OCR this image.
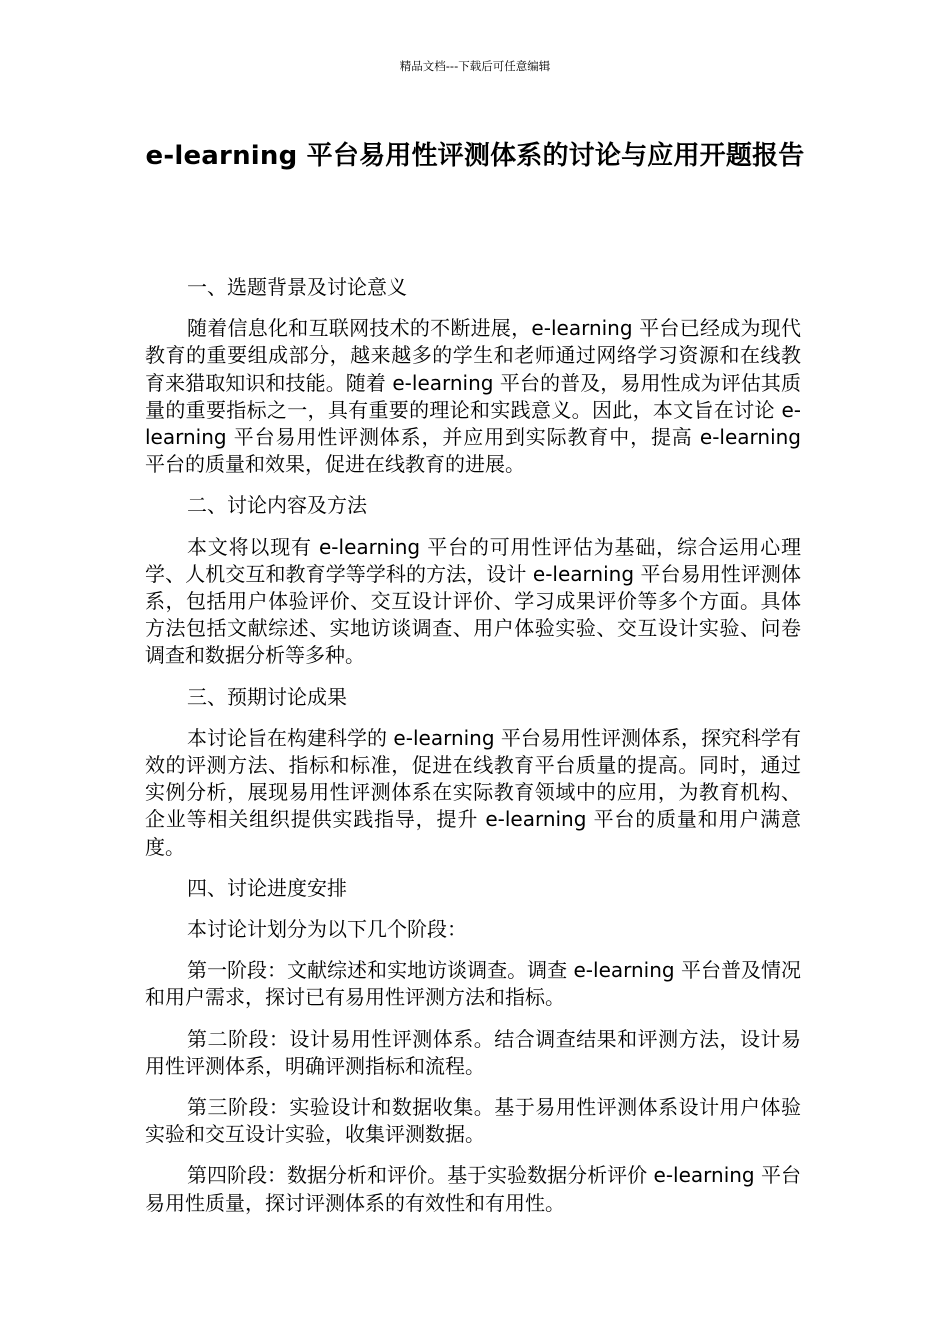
精品文档---下载后可任意编辑
e-learning 平台易用性评测体系的讨论与应用开题报告

一、选题背景及讨论意义

随着信息化和互联网技术的不断进展，e-learning 平台已经成为现代教育的重要组成部分，越来越多的学生和老师通过网络学习资源和在线教育来猎取知识和技能。随着 e-learning 平台的普及，易用性成为评估其质量的重要指标之一，具有重要的理论和实践意义。因此，本文旨在讨论 e-learning 平台易用性评测体系，并应用到实际教育中，提高 e-learning 平台的质量和效果，促进在线教育的进展。

二、讨论内容及方法

本文将以现有 e-learning 平台的可用性评估为基础，综合运用心理学、人机交互和教育学等学科的方法，设计 e-learning 平台易用性评测体系，包括用户体验评价、交互设计评价、学习成果评价等多个方面。具体方法包括文献综述、实地访谈调查、用户体验实验、交互设计实验、问卷调查和数据分析等多种。

三、预期讨论成果

本讨论旨在构建科学的 e-learning 平台易用性评测体系，探究科学有效的评测方法、指标和标准，促进在线教育平台质量的提高。同时，通过实例分析，展现易用性评测体系在实际教育领域中的应用，为教育机构、企业等相关组织提供实践指导，提升 e-learning 平台的质量和用户满意度。

四、讨论进度安排

本讨论计划分为以下几个阶段：

第一阶段：文献综述和实地访谈调查。调查 e-learning 平台普及情况和用户需求，探讨已有易用性评测方法和指标。

第二阶段：设计易用性评测体系。结合调查结果和评测方法，设计易用性评测体系，明确评测指标和流程。

第三阶段：实验设计和数据收集。基于易用性评测体系设计用户体验实验和交互设计实验，收集评测数据。

第四阶段：数据分析和评价。基于实验数据分析评价 e-learning 平台易用性质量，探讨评测体系的有效性和有用性。
